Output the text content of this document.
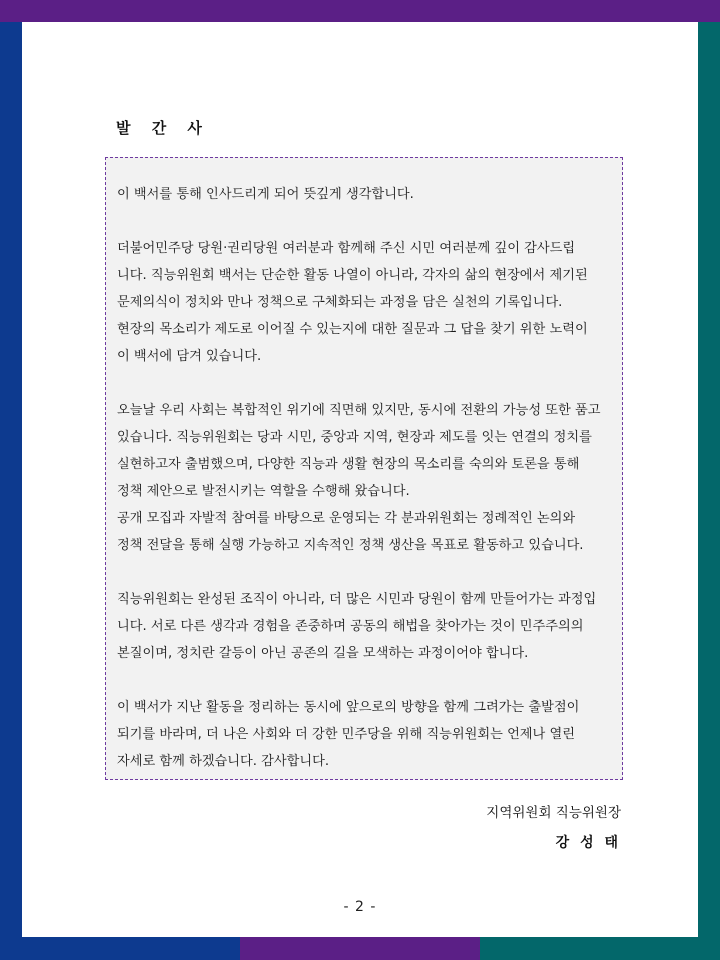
발 간 사
이 백서를 통해 인사드리게 되어 뜻깊게 생각합니다.
더불어민주당 당원·권리당원 여러분과 함께해 주신 시민 여러분께 깊이 감사드립
니다. 직능위원회 백서는 단순한 활동 나열이 아니라, 각자의 삶의 현장에서 제기된
문제의식이 정치와 만나 정책으로 구체화되는 과정을 담은 실천의 기록입니다.
현장의 목소리가 제도로 이어질 수 있는지에 대한 질문과 그 답을 찾기 위한 노력이
이 백서에 담겨 있습니다.
오늘날 우리 사회는 복합적인 위기에 직면해 있지만, 동시에 전환의 가능성 또한 품고
있습니다. 직능위원회는 당과 시민, 중앙과 지역, 현장과 제도를 잇는 연결의 정치를
실현하고자 출범했으며, 다양한 직능과 생활 현장의 목소리를 숙의와 토론을 통해
정책 제안으로 발전시키는 역할을 수행해 왔습니다.
공개 모집과 자발적 참여를 바탕으로 운영되는 각 분과위원회는 정례적인 논의와
정책 전달을 통해 실행 가능하고 지속적인 정책 생산을 목표로 활동하고 있습니다.
직능위원회는 완성된 조직이 아니라, 더 많은 시민과 당원이 함께 만들어가는 과정입
니다. 서로 다른 생각과 경험을 존중하며 공동의 해법을 찾아가는 것이 민주주의의
본질이며, 정치란 갈등이 아닌 공존의 길을 모색하는 과정이어야 합니다.
이 백서가 지난 활동을 정리하는 동시에 앞으로의 방향을 함께 그려가는 출발점이
되기를 바라며, 더 나은 사회와 더 강한 민주당을 위해 직능위원회는 언제나 열린
자세로 함께 하겠습니다. 감사합니다.
지역위원회 직능위원장
강 성 태
- 2 -
